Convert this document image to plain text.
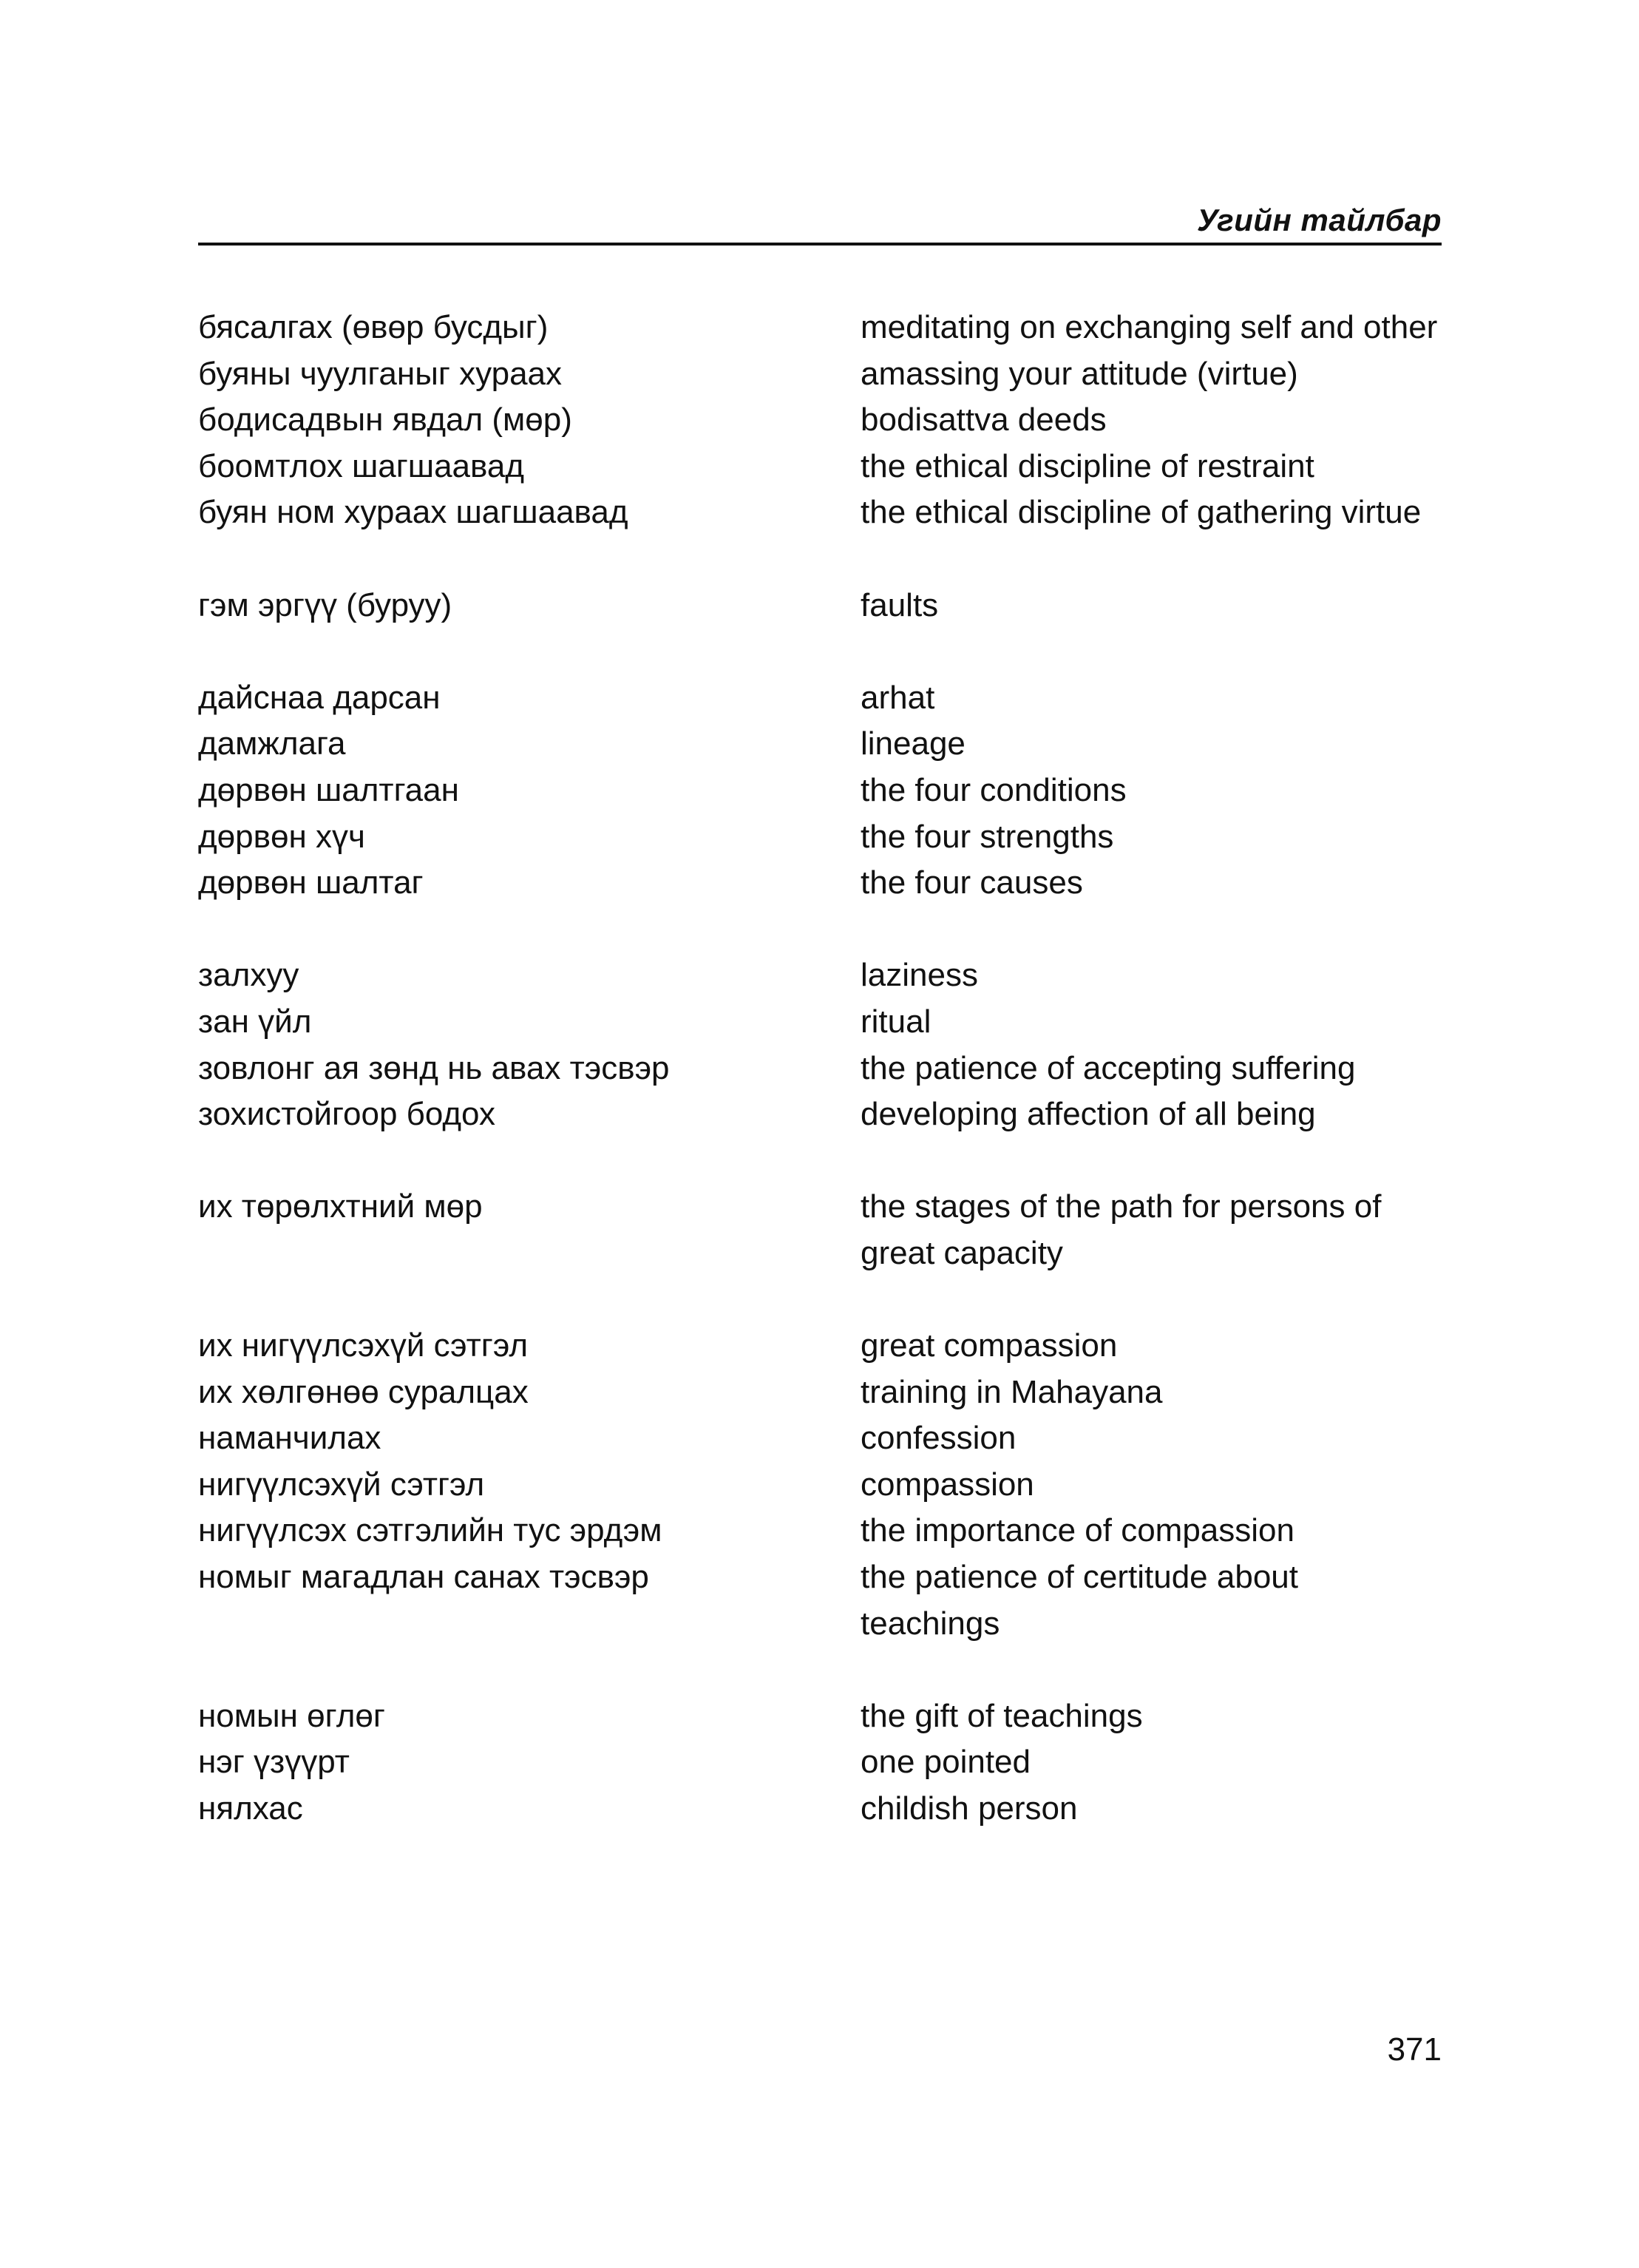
Угийн тайлбар
бясалгах (өвөр бусдыг)	meditating on exchanging self and other
буяны чуулганыг хураах	amassing your attitude (virtue)
бодисадвын явдал (мөр)	bodisattva deeds
боомтлох шагшаавад	the ethical discipline of restraint
буян ном хураах шагшаавад	the ethical discipline of gathering virtue
гэм эргүү (буруу)	faults
дайснаа дарсан	arhat
дамжлага	lineage
дөрвөн шалтгаан	the four conditions
дөрвөн хүч	the four strengths
дөрвөн шалтаг	the four causes
залхуу	laziness
зан үйл	ritual
зовлонг ая зөнд нь авах тэсвэр	the patience of accepting suffering
зохистойгоор бодох	developing affection of all being
их төрөлхтний мөр	the stages of the path for persons of great capacity
их нигүүлсэхүй сэтгэл	great compassion
их хөлгөнөө суралцах	training in Mahayana
наманчилах	confession
нигүүлсэхүй сэтгэл	compassion
нигүүлсэх сэтгэлийн тус эрдэм	the importance of compassion
номыг магадлан санах тэсвэр	the patience of certitude about teachings
номын өглөг	the gift of teachings
нэг үзүүрт	one pointed
нялхас	childish person
371
